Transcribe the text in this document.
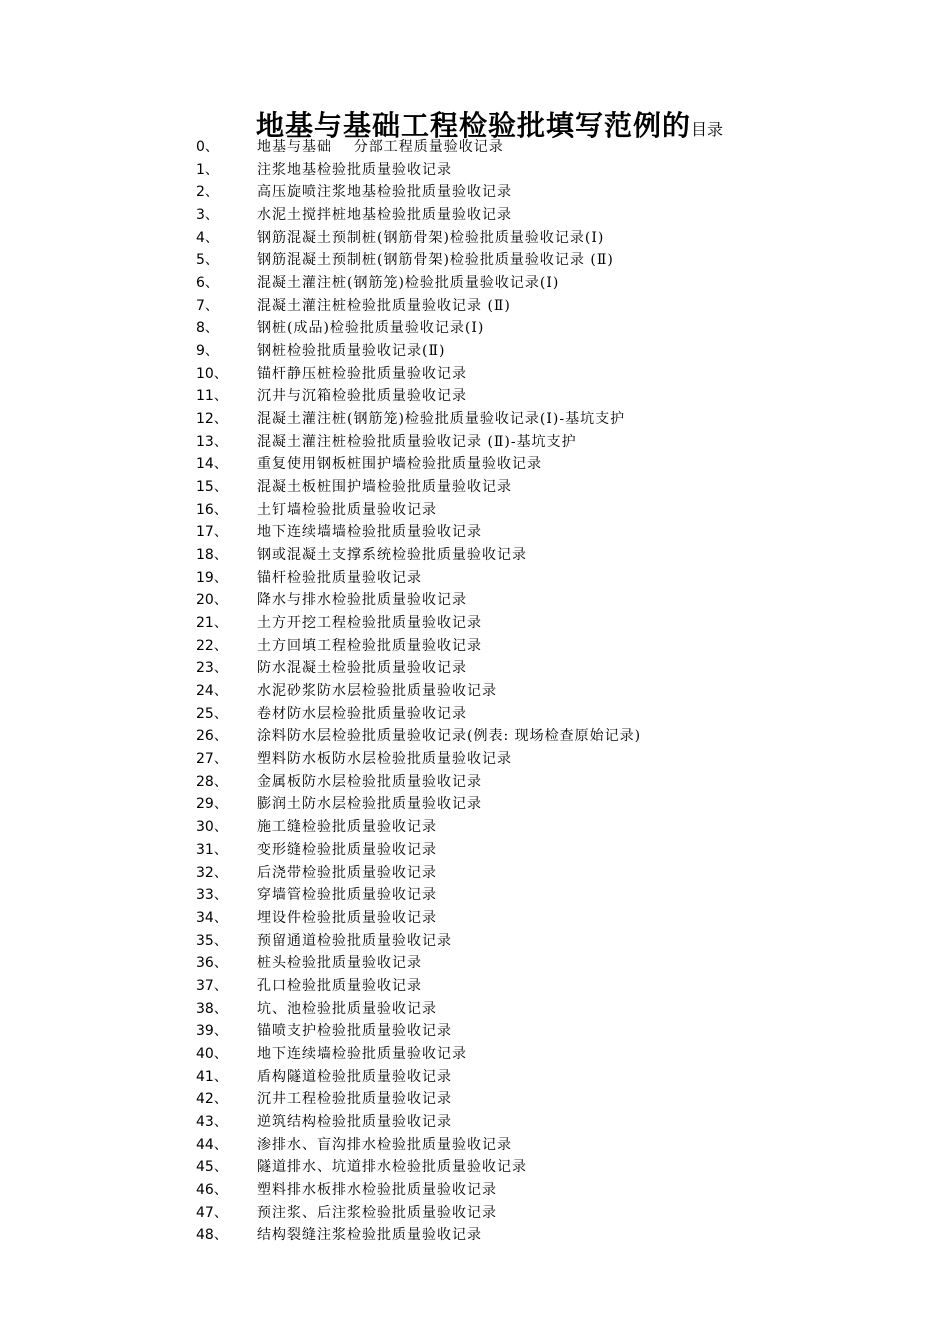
地基与基础工程检验批填写范例的目录
0、	地基与基础    分部工程质量验收记录
1、	注浆地基检验批质量验收记录
2、	高压旋喷注浆地基检验批质量验收记录
3、	水泥土搅拌桩地基检验批质量验收记录
4、	钢筋混凝土预制桩(钢筋骨架)检验批质量验收记录(Ⅰ)
5、	钢筋混凝土预制桩(钢筋骨架)检验批质量验收记录 (Ⅱ)
6、	混凝土灌注桩(钢筋笼)检验批质量验收记录(Ⅰ)
7、	混凝土灌注桩检验批质量验收记录 (Ⅱ)
8、	钢桩(成品)检验批质量验收记录(Ⅰ)
9、	钢桩检验批质量验收记录(Ⅱ)
10、 锚杆静压桩检验批质量验收记录
11、 沉井与沉箱检验批质量验收记录
12、 混凝土灌注桩(钢筋笼)检验批质量验收记录(Ⅰ)-基坑支护
13、 混凝土灌注桩检验批质量验收记录 (Ⅱ)-基坑支护
14、 重复使用钢板桩围护墙检验批质量验收记录
15、 混凝土板桩围护墙检验批质量验收记录
16、 土钉墙检验批质量验收记录
17、 地下连续墙墙检验批质量验收记录
18、 钢或混凝土支撑系统检验批质量验收记录
19、 锚杆检验批质量验收记录
20、 降水与排水检验批质量验收记录
21、 土方开挖工程检验批质量验收记录
22、 土方回填工程检验批质量验收记录
23、 防水混凝土检验批质量验收记录
24、 水泥砂浆防水层检验批质量验收记录
25、 卷材防水层检验批质量验收记录
26、 涂料防水层检验批质量验收记录(例表: 现场检查原始记录)
27、 塑料防水板防水层检验批质量验收记录
28、 金属板防水层检验批质量验收记录
29、 膨润土防水层检验批质量验收记录
30、 施工缝检验批质量验收记录
31、 变形缝检验批质量验收记录
32、 后浇带检验批质量验收记录
33、 穿墙管检验批质量验收记录
34、 埋设件检验批质量验收记录
35、 预留通道检验批质量验收记录
36、 桩头检验批质量验收记录
37、 孔口检验批质量验收记录
38、 坑、池检验批质量验收记录
39、 锚喷支护检验批质量验收记录
40、 地下连续墙检验批质量验收记录
41、 盾构隧道检验批质量验收记录
42、 沉井工程检验批质量验收记录
43、 逆筑结构检验批质量验收记录
44、 渗排水、盲沟排水检验批质量验收记录
45、 隧道排水、坑道排水检验批质量验收记录
46、 塑料排水板排水检验批质量验收记录
47、 预注浆、后注浆检验批质量验收记录
48、 结构裂缝注浆检验批质量验收记录
